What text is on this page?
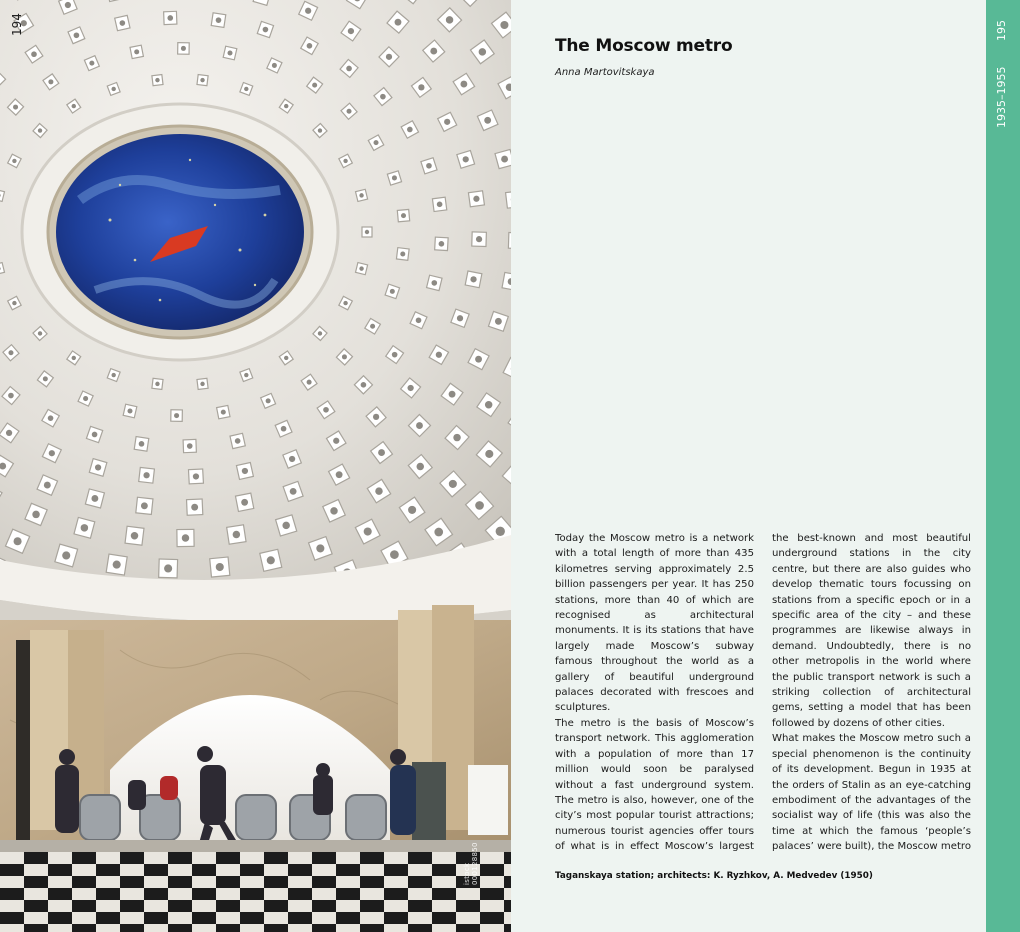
194
istock 000128850
The Moscow metro
Anna Martovitskaya

Today the Moscow metro is a network with a total length of more than 435 kilometres serving approximately 2.5 billion passengers per year. It has 250 stations, more than 40 of which are recognised as architectural monuments. It is its stations that have largely made Moscow’s subway famous throughout the world as a gallery of beautiful underground palaces decorated with frescoes and sculptures.

The metro is the basis of Moscow’s transport network. This agglomeration with a population of more than 17 million would soon be paralysed without a fast underground system. The metro is also, however, one of the city’s most popular tourist attractions; numerous tourist agencies offer tours of what is in effect Moscow’s largest

the best-known and most beautiful underground stations in the city centre, but there are also guides who develop thematic tours focussing on stations from a specific epoch or in a specific area of the city – and these programmes are likewise always in demand. Undoubtedly, there is no other metropolis in the world where the public transport network is such a striking collection of architectural gems, setting a model that has been followed by dozens of other cities.

What makes the Moscow metro such a special phenomenon is the continuity of its development. Begun in 1935 at the orders of Stalin as an eye-catching embodiment of the advantages of the socialist way of life (this was also the time at which the famous ‘people’s palaces’ were built), the Moscow metro

Taganskaya station; architects: K. Ryzhkov, A. Medvedev (1950)
1935–1955 195
